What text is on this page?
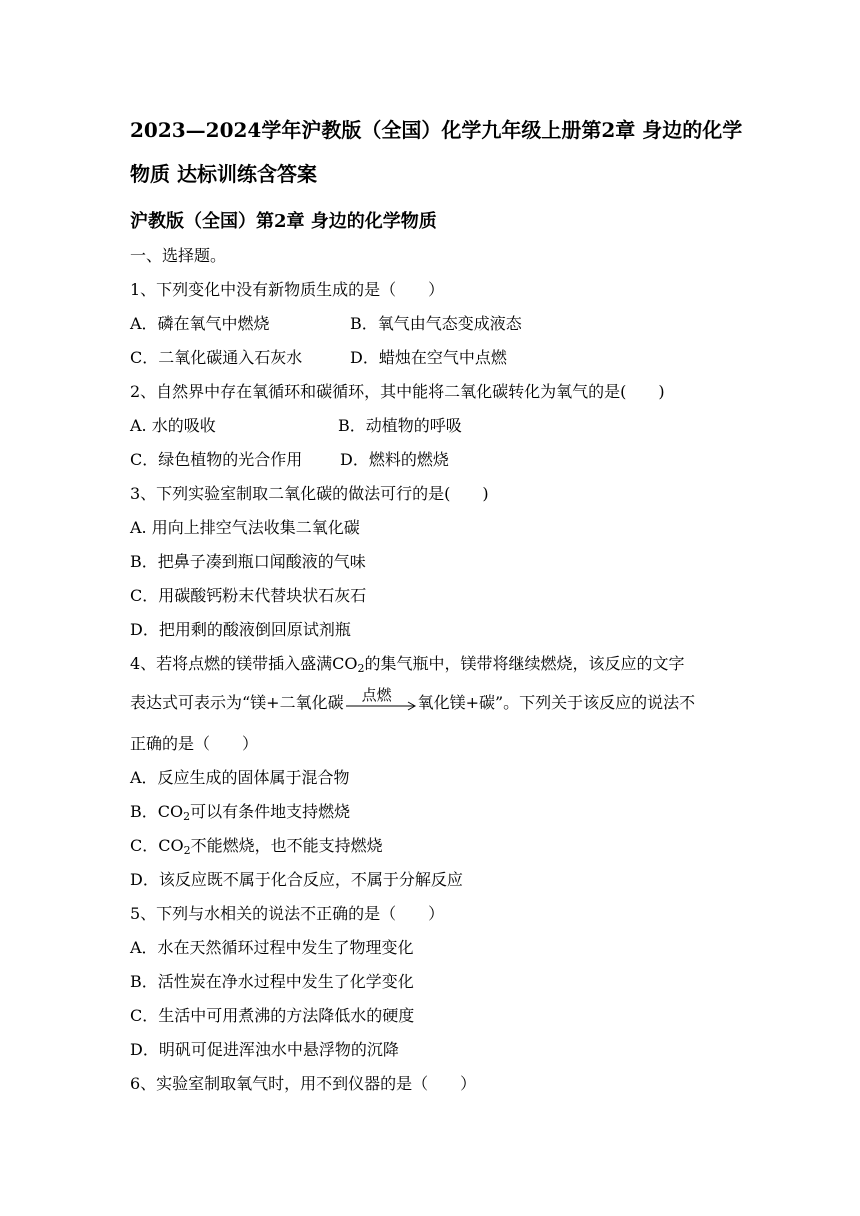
2023—2024学年沪教版（全国）化学九年级上册第2章 身边的化学
物质 达标训练含答案
沪教版（全国）第2章 身边的化学物质
一、选择题。
1、下列变化中没有新物质生成的是（　　）
A．磷在氧气中燃烧	B．氧气由气态变成液态
C．二氧化碳通入石灰水	D．蜡烛在空气中点燃
2、自然界中存在氧循环和碳循环，其中能将二氧化碳转化为氧气的是(　　)
A. 水的吸收	B．动植物的呼吸
C．绿色植物的光合作用 D．燃料的燃烧
3、下列实验室制取二氧化碳的做法可行的是(　　)
A. 用向上排空气法收集二氧化碳
B．把鼻子凑到瓶口闻酸液的气味
C．用碳酸钙粉末代替块状石灰石
D．把用剩的酸液倒回原试剂瓶
4、若将点燃的镁带插入盛满$CO_2$的集气瓶中，镁带将继续燃烧，该反应的文字
表达式可表示为“镁+二氧化碳 点燃 氧化镁+碳”。下列关于该反应的说法不
正确的是（　　）
A．反应生成的固体属于混合物
B．$CO_2$可以有条件地支持燃烧
C．$CO_2$不能燃烧，也不能支持燃烧
D．该反应既不属于化合反应，不属于分解反应
5、下列与水相关的说法不正确的是（　　）
A．水在天然循环过程中发生了物理变化
B．活性炭在净水过程中发生了化学变化
C．生活中可用煮沸的方法降低水的硬度
D．明矾可促进浑浊水中悬浮物的沉降
6、实验室制取氧气时，用不到仪器的是（　　）
